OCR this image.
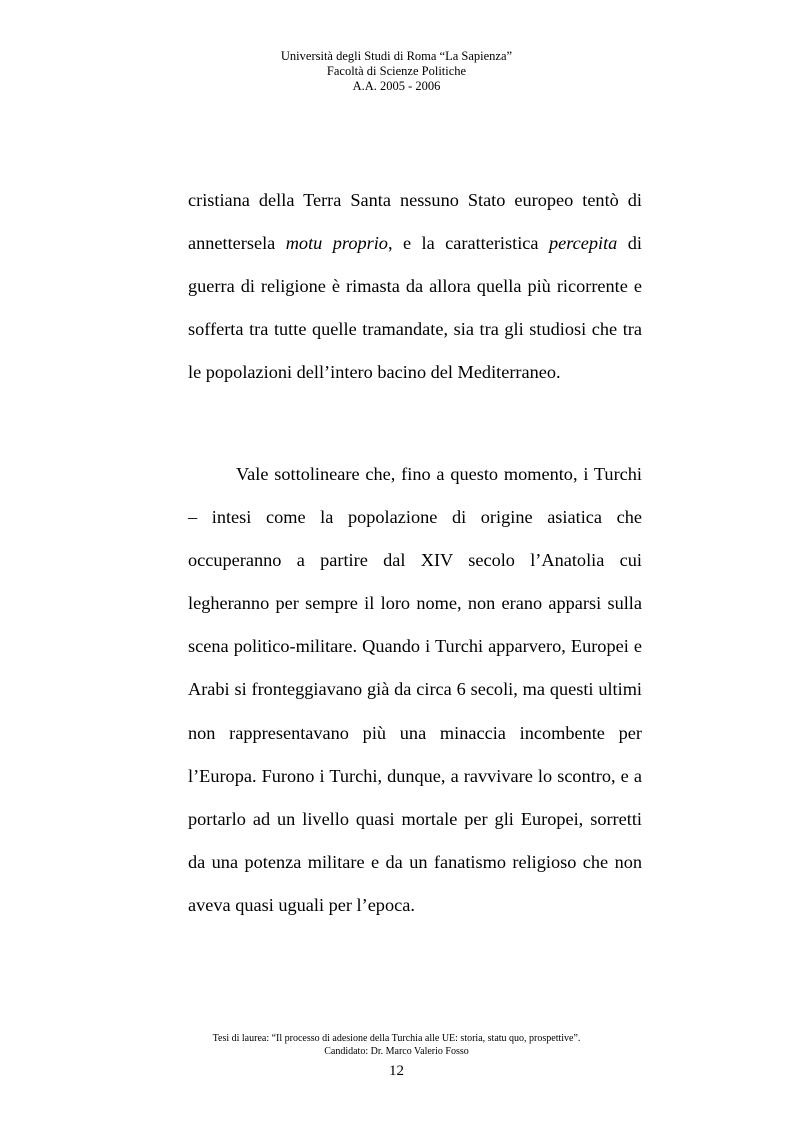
Università degli Studi di Roma “La Sapienza”
Facoltà di Scienze Politiche
A.A. 2005 - 2006

cristiana della Terra Santa nessuno Stato europeo tentò di annettersela motu proprio, e la caratteristica percepita di guerra di religione è rimasta da allora quella più ricorrente e sofferta tra tutte quelle tramandate, sia tra gli studiosi che tra le popolazioni dell’intero bacino del Mediterraneo.

Vale sottolineare che, fino a questo momento, i Turchi – intesi come la popolazione di origine asiatica che occuperanno a partire dal XIV secolo l’Anatolia cui legheranno per sempre il loro nome, non erano apparsi sulla scena politico-militare. Quando i Turchi apparvero, Europei e Arabi si fronteggiavano già da circa 6 secoli, ma questi ultimi non rappresentavano più una minaccia incombente per l’Europa. Furono i Turchi, dunque, a ravvivare lo scontro, e a portarlo ad un livello quasi mortale per gli Europei, sorretti da una potenza militare e da un fanatismo religioso che non aveva quasi uguali per l’epoca.

Tesi di laurea: “Il processo di adesione della Turchia alle UE: storia, statu quo, prospettive”.
Candidato: Dr. Marco Valerio Fosso
12
